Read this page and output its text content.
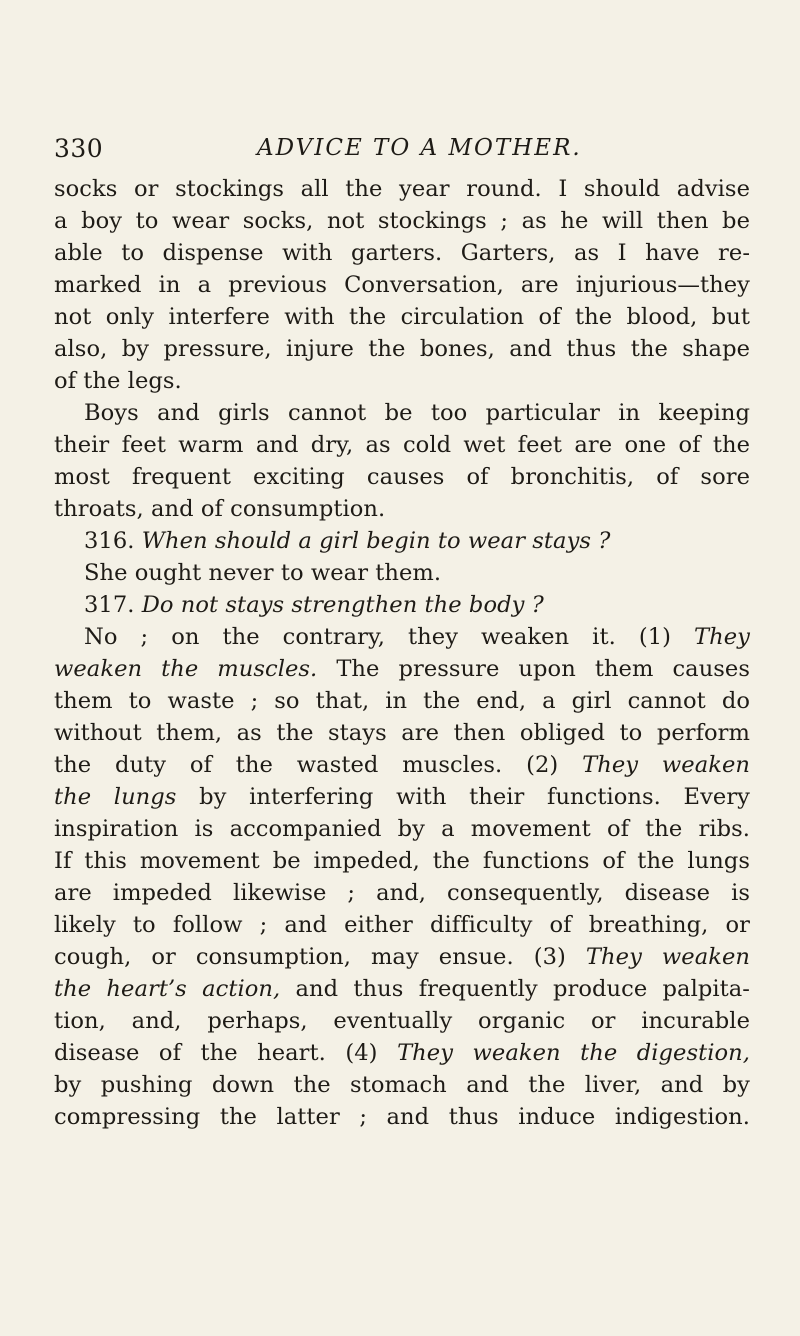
330	ADVICE TO A MOTHER.
socks or stockings all the year round. I should advise
a boy to wear socks, not stockings ; as he will then be
able to dispense with garters. Garters, as I have re-
marked in a previous Conversation, are injurious—they
not only interfere with the circulation of the blood, but
also, by pressure, injure the bones, and thus the shape
of the legs.
Boys and girls cannot be too particular in keeping
their feet warm and dry, as cold wet feet are one of the
most frequent exciting causes of bronchitis, of sore
throats, and of consumption.
316. When should a girl begin to wear stays ?
She ought never to wear them.
317. Do not stays strengthen the body ?
No ; on the contrary, they weaken it. (1) They
weaken the muscles. The pressure upon them causes
them to waste ; so that, in the end, a girl cannot do
without them, as the stays are then obliged to perform
the duty of the wasted muscles. (2) They weaken
the lungs by interfering with their functions. Every
inspiration is accompanied by a movement of the ribs.
If this movement be impeded, the functions of the lungs
are impeded likewise ; and, consequently, disease is
likely to follow ; and either difficulty of breathing, or
cough, or consumption, may ensue. (3) They weaken
the heart’s action, and thus frequently produce palpita-
tion, and, perhaps, eventually organic or incurable
disease of the heart. (4) They weaken the digestion,
by pushing down the stomach and the liver, and by
compressing the latter ; and thus induce indigestion.
